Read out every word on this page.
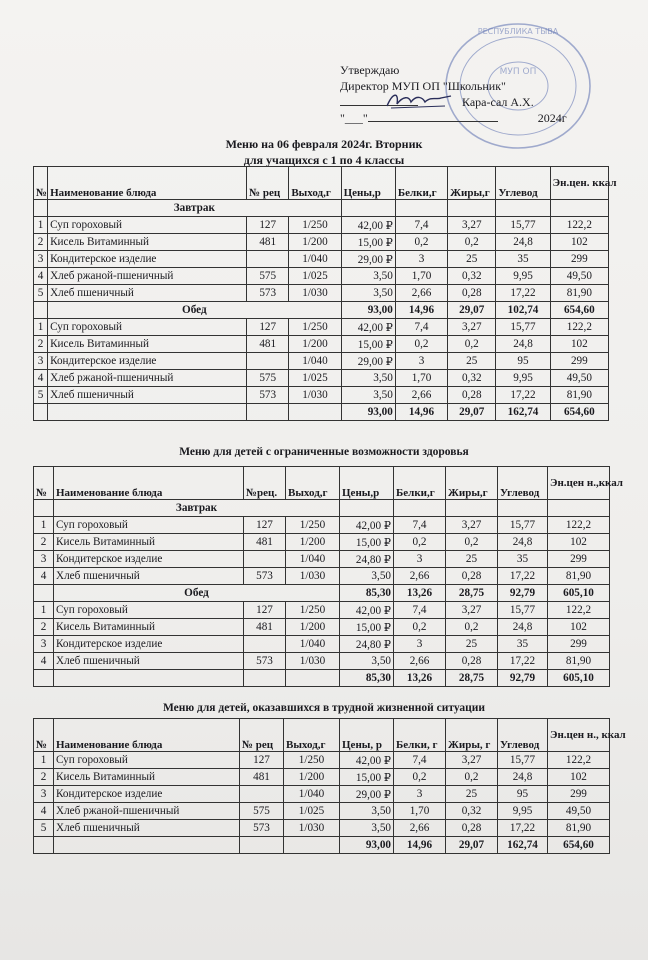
МУП ОП
РЕСПУБЛИКА ТЫВА
Утверждаю
Директор МУП ОП "Школьник"
Кара-сал А.Х.
"___"	2024г
Меню на 06 февраля 2024г. Вторник
для учащихся с 1 по 4 классы
№	Наименование блюда	№ рец	Выход,г	Цены,р	Белки,г	Жиры,г	Углевод	Эн.цен. ккал
	Завтрак							
1	Суп гороховый	127	1/250	42,00 ₽	7,4	3,27	15,77	122,2
2	Кисель Витаминный	481	1/200	15,00 ₽	0,2	0,2	24,8	102
3	Кондитерское изделие		1/040	29,00 ₽	3	25	35	299
4	Хлеб ржаной-пшеничный	575	1/025	3,50	1,70	0,32	9,95	49,50
5	Хлеб пшеничный	573	1/030	3,50	2,66	0,28	17,22	81,90
	Обед			93,00	14,96	29,07	102,74	654,60
1	Суп гороховый	127	1/250	42,00 ₽	7,4	3,27	15,77	122,2
2	Кисель Витаминный	481	1/200	15,00 ₽	0,2	0,2	24,8	102
3	Кондитерское изделие		1/040	29,00 ₽	3	25	95	299
4	Хлеб ржаной-пшеничный	575	1/025	3,50	1,70	0,32	9,95	49,50
5	Хлеб пшеничный	573	1/030	3,50	2,66	0,28	17,22	81,90
				93,00	14,96	29,07	162,74	654,60
Меню для детей с ограниченные возможности здоровья
№	Наименование блюда	№рец.	Выход,г	Цены,р	Белки,г	Жиры,г	Углевод	Эн.цен н.,ккал
	Завтрак							
1	Суп гороховый	127	1/250	42,00 ₽	7,4	3,27	15,77	122,2
2	Кисель Витаминный	481	1/200	15,00 ₽	0,2	0,2	24,8	102
3	Кондитерское изделие		1/040	24,80 ₽	3	25	35	299
4	Хлеб пшеничный	573	1/030	3,50	2,66	0,28	17,22	81,90
	Обед			85,30	13,26	28,75	92,79	605,10
1	Суп гороховый	127	1/250	42,00 ₽	7,4	3,27	15,77	122,2
2	Кисель Витаминный	481	1/200	15,00 ₽	0,2	0,2	24,8	102
3	Кондитерское изделие		1/040	24,80 ₽	3	25	35	299
4	Хлеб пшеничный	573	1/030	3,50	2,66	0,28	17,22	81,90
				85,30	13,26	28,75	92,79	605,10
Меню для детей, оказавшихся в трудной жизненной ситуации
№	Наименование блюда	№ рец	Выход,г	Цены, р	Белки, г	Жиры, г	Углевод	Эн.цен н., ккал
1	Суп гороховый	127	1/250	42,00 ₽	7,4	3,27	15,77	122,2
2	Кисель Витаминный	481	1/200	15,00 ₽	0,2	0,2	24,8	102
3	Кондитерское изделие		1/040	29,00 ₽	3	25	95	299
4	Хлеб ржаной-пшеничный	575	1/025	3,50	1,70	0,32	9,95	49,50
5	Хлеб пшеничный	573	1/030	3,50	2,66	0,28	17,22	81,90
				93,00	14,96	29,07	162,74	654,60
